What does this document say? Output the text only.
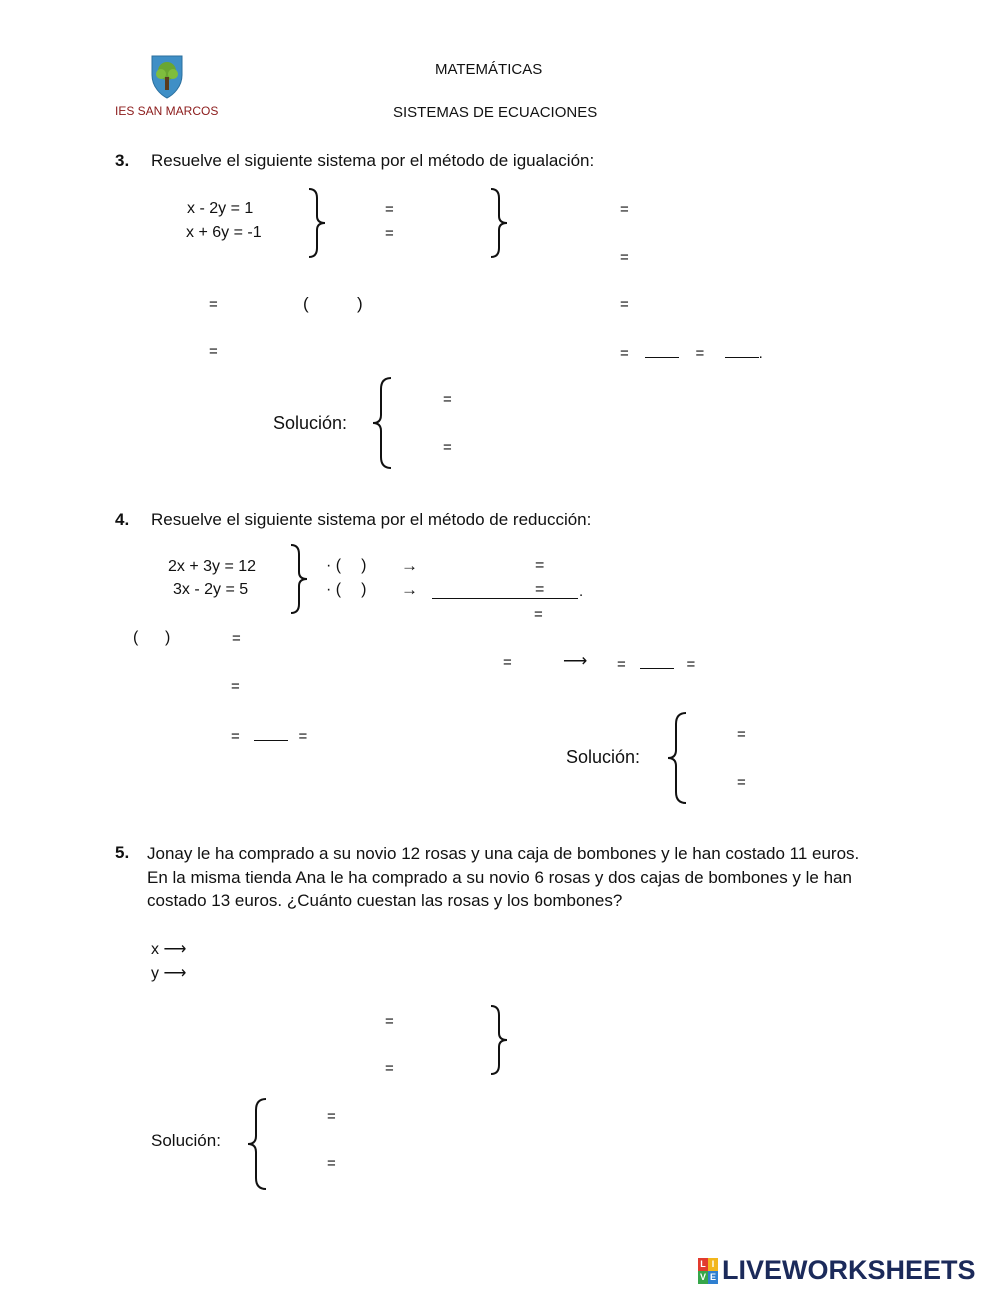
IES SAN MARCOS
MATEMÁTICAS
SISTEMAS DE ECUACIONES
3. Resuelve el siguiente sistema por el método de igualación:
x - 2y = 1
x + 6y = -1
=
=
=
=
=	(	)	=
=	=	=	.
Solución:
=
=
4. Resuelve el siguiente sistema por el método de reducción:
2x + 3y = 12
3x - 2y = 5
· ( )
· ( )
→
→
=
= .
=
( )	=
=	⟶ =	=
=
=	=
Solución:
=
=
5. Jonay le ha comprado a su novio 12 rosas y una caja de bombones y le han costado 11 euros.
En la misma tienda Ana le ha comprado a su novio 6 rosas y dos cajas de bombones y le han
costado 13 euros. ¿Cuánto cuestan las rosas y los bombones?
x ⟶
y ⟶
=
=
Solución:
=
=
L I
V E LIVEWORKSHEETS
